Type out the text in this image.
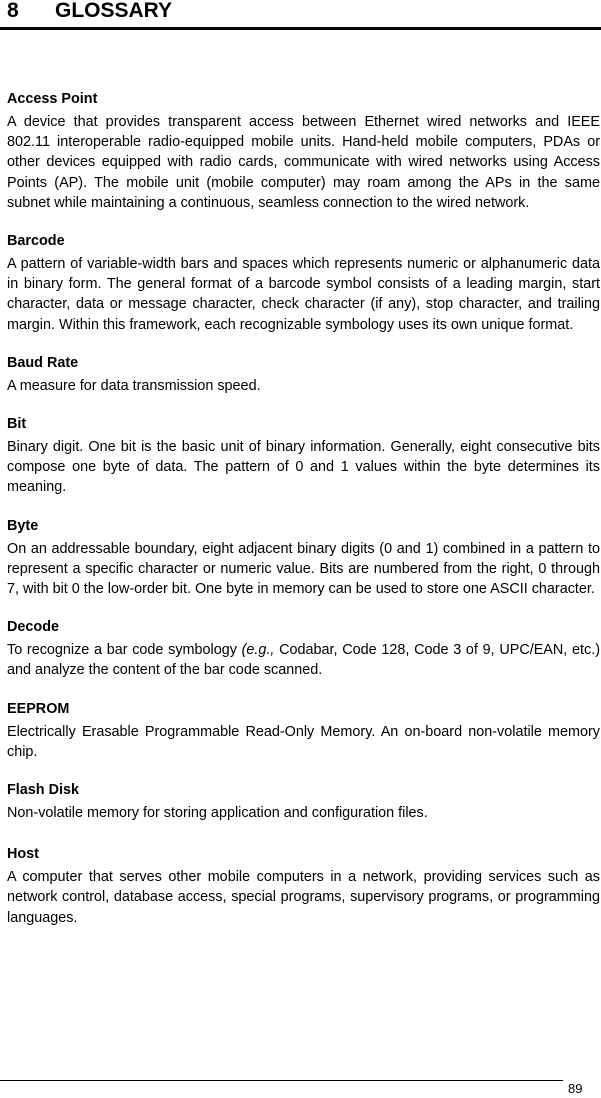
8 GLOSSARY

Access Point

A device that provides transparent access between Ethernet wired networks and IEEE 802.11 interoperable radio-equipped mobile units. Hand-held mobile computers, PDAs or other devices equipped with radio cards, communicate with wired networks using Access Points (AP). The mobile unit (mobile computer) may roam among the APs in the same subnet while maintaining a continuous, seamless connection to the wired network.

Barcode

A pattern of variable-width bars and spaces which represents numeric or alphanumeric data in binary form. The general format of a barcode symbol consists of a leading margin, start character, data or message character, check character (if any), stop character, and trailing margin. Within this framework, each recognizable symbology uses its own unique format.

Baud Rate

A measure for data transmission speed.

Bit

Binary digit. One bit is the basic unit of binary information. Generally, eight consecutive bits compose one byte of data. The pattern of 0 and 1 values within the byte determines its meaning.

Byte

On an addressable boundary, eight adjacent binary digits (0 and 1) combined in a pattern to represent a specific character or numeric value. Bits are numbered from the right, 0 through 7, with bit 0 the low-order bit. One byte in memory can be used to store one ASCII character.

Decode

To recognize a bar code symbology (e.g., Codabar, Code 128, Code 3 of 9, UPC/EAN, etc.) and analyze the content of the bar code scanned.

EEPROM

Electrically Erasable Programmable Read-Only Memory. An on-board non-volatile memory chip.

Flash Disk

Non-volatile memory for storing application and configuration files.

Host

A computer that serves other mobile computers in a network, providing services such as network control, database access, special programs, supervisory programs, or programming languages.

89
